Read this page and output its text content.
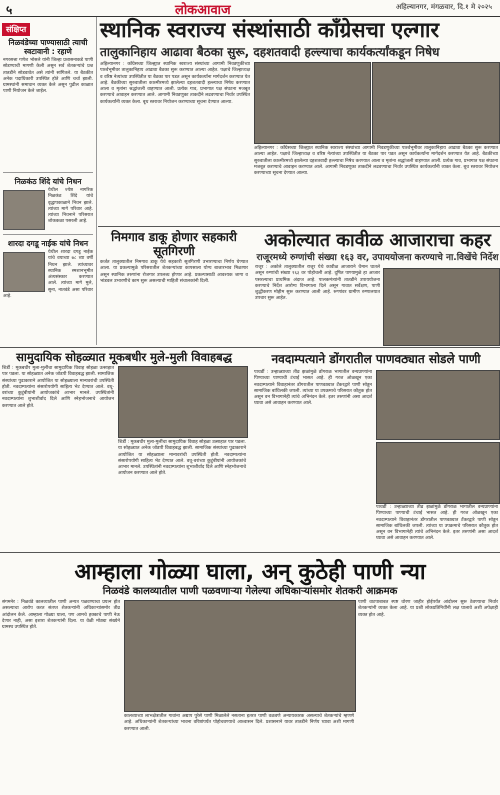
५	लोकआवाज	अहिल्यानगर, मंगळवार, दि.१ मे २०२५
संक्षिप्त
निळवंडेच्या पाण्यासाठी त्याची स्वटावानी : रहाणे
नगरसत्ता गणेश भोसले यांनी जिल्हा प्रशासनाकडे पाणी सोडण्याची मागणी केली असून सर्व शेतकऱ्यांचे प्रश्न तातडीने सोडवावेत असे त्यांनी सांगितले. या बैठकीत अनेक पदाधिकारी उपस्थित होते आणि चर्चा झाली. ग्रामस्थांनी समाधान व्यक्त केले असून पुढील काळात पाणी नियोजन केले जाईल.
निळकंठ शिंदे यांचे निधन
येथील ज्येष्ठ नागरिक निळकंठ शिंदे यांचे वृद्धापकाळाने निधन झाले. त्यांच्या मागे परिवार आहे. त्यांच्या निधनाने परिसरात शोककळा पसरली आहे.
शारदा दगडू नाईक यांचे निधन
येथील शारदा दगडू नाईक यांचे वयाच्या ७८ व्या वर्षी निधन झाले. त्यांच्यावर स्थानिक स्मशानभूमीत अंत्यसंस्कार करण्यात आले. त्यांच्या मागे मुले, सुना, नातवंडे असा परिवार आहे.
स्थानिक स्वराज्य संस्थांसाठी काँग्रेसचा एल्गार
तालुकानिहाय आढावा बैठका सुरू, दहशतवादी हल्ल्याचा कार्यकर्त्यांकडून निषेध
अहिल्यानगर : काँग्रेसच्या जिल्ह्यात स्थानिक स्वराज्य संस्थांच्या आगामी निवडणुकीच्या पार्श्वभूमीवर तालुकानिहाय आढावा बैठका सुरू करण्यात आल्या आहेत. पक्षाचे जिल्हाध्यक्ष व वरिष्ठ नेत्यांच्या उपस्थितीत या बैठका पार पडत असून कार्यकर्त्यांना मार्गदर्शन करण्यात येत आहे. बैठकीच्या सुरुवातीला काश्मीरमध्ये झालेल्या दहशतवादी हल्ल्याचा निषेध करण्यात आला व मृतांना श्रद्धांजली वाहण्यात आली. प्रत्येक गाव, प्रभागात पक्ष संघटना मजबूत करण्याचे आवाहन करण्यात आले. आगामी निवडणुका ताकदीने लढवण्याचा निर्धार उपस्थित कार्यकर्त्यांनी व्यक्त केला. बूथ स्तरावर नियोजन करण्याच्या सूचना देण्यात आल्या.
अहिल्यानगर : काँग्रेसच्या जिल्ह्यात स्थानिक स्वराज्य संस्थांच्या आगामी निवडणुकीच्या पार्श्वभूमीवर तालुकानिहाय आढावा बैठका सुरू करण्यात आल्या आहेत. पक्षाचे जिल्हाध्यक्ष व वरिष्ठ नेत्यांच्या उपस्थितीत या बैठका पार पडत असून कार्यकर्त्यांना मार्गदर्शन करण्यात येत आहे. बैठकीच्या सुरुवातीला काश्मीरमध्ये झालेल्या दहशतवादी हल्ल्याचा निषेध करण्यात आला व मृतांना श्रद्धांजली वाहण्यात आली. प्रत्येक गाव, प्रभागात पक्ष संघटना मजबूत करण्याचे आवाहन करण्यात आले. आगामी निवडणुका ताकदीने लढवण्याचा निर्धार उपस्थित कार्यकर्त्यांनी व्यक्त केला. बूथ स्तरावर नियोजन करण्याच्या सूचना देण्यात आल्या.
निमगाव डाकू होणार सहकारी सूतगिरणी
कर्जत तालुक्यातील निमगाव डाकू येथे सहकारी सूतगिरणी उभारण्याचा निर्णय घेण्यात आला. या प्रकल्पामुळे परिसरातील शेतकऱ्यांच्या कापसाला योग्य बाजारभाव मिळणार असून स्थानिक तरुणांना रोजगार उपलब्ध होणार आहे. प्रकल्पासाठी आवश्यक जागा व भांडवल उभारणीचे काम सुरू असल्याची माहिती संचालकांनी दिली.
अकोल्यात कावीळ आजाराचा कहर
राजूरमध्ये रुग्णांची संख्या १६३ वर, उपाययोजना करण्याचे ना.विखेंचे निर्देश
राजूर : अकोले तालुक्यातील राजूर येथे कावीळ आजाराने थैमान घातले असून रुग्णांची संख्या १६३ वर पोहोचली आहे. दूषित पाण्यामुळे हा आजार पसरल्याचा प्राथमिक अंदाज आहे. पालकमंत्र्यांनी तातडीने उपाययोजना करण्याचे निर्देश आरोग्य विभागाला दिले असून गावात सर्वेक्षण, पाणी शुद्धीकरण मोहीम सुरू करण्यात आली आहे. रुग्णांवर ग्रामीण रुग्णालयात उपचार सुरू आहेत.
सामुदायिक सोहळ्यात मूकबधीर मुले-मुली विवाहबद्ध
शिर्डी : मूकबधीर मुला-मुलींचा सामुदायिक विवाह सोहळा उत्साहात पार पडला. या सोहळ्यात अनेक जोडपी विवाहबद्ध झाली. सामाजिक संस्थांच्या पुढाकाराने आयोजित या सोहळ्याला मान्यवरांची उपस्थिती होती. नवदाम्पत्यांना संसारोपयोगी साहित्य भेट देण्यात आले. वधू-वरांच्या कुटुंबीयांनी आयोजकांचे आभार मानले. उपस्थितांनी नवदाम्पत्यांना शुभाशीर्वाद दिले आणि स्नेहभोजनाचे आयोजन करण्यात आले होते.
शिर्डी : मूकबधीर मुला-मुलींचा सामुदायिक विवाह सोहळा उत्साहात पार पडला. या सोहळ्यात अनेक जोडपी विवाहबद्ध झाली. सामाजिक संस्थांच्या पुढाकाराने आयोजित या सोहळ्याला मान्यवरांची उपस्थिती होती. नवदाम्पत्यांना संसारोपयोगी साहित्य भेट देण्यात आले. वधू-वरांच्या कुटुंबीयांनी आयोजकांचे आभार मानले. उपस्थितांनी नवदाम्पत्यांना शुभाशीर्वाद दिले आणि स्नेहभोजनाचे आयोजन करण्यात आले होते.
नवदाम्पत्याने डोंगरातील पाणवठ्यात सोडले पाणी
पाथर्डी : उन्हाळ्याच्या तीव्र झळांमुळे डोंगराळ भागातील वन्यप्राण्यांना पिण्याच्या पाण्याची टंचाई भासत आहे. ही गरज ओळखून एका नवदाम्पत्याने विवाहानंतर डोंगरातील पाणवठ्यात टँकरद्वारे पाणी सोडून सामाजिक बांधिलकी जपली. त्यांच्या या उपक्रमाचे परिसरात कौतुक होत असून वन विभागानेही त्यांचे अभिनंदन केले. इतर तरुणांनी असा आदर्श घ्यावा असे आवाहन करण्यात आले.
पाथर्डी : उन्हाळ्याच्या तीव्र झळांमुळे डोंगराळ भागातील वन्यप्राण्यांना पिण्याच्या पाण्याची टंचाई भासत आहे. ही गरज ओळखून एका नवदाम्पत्याने विवाहानंतर डोंगरातील पाणवठ्यात टँकरद्वारे पाणी सोडून सामाजिक बांधिलकी जपली. त्यांच्या या उपक्रमाचे परिसरात कौतुक होत असून वन विभागानेही त्यांचे अभिनंदन केले. इतर तरुणांनी असा आदर्श घ्यावा असे आवाहन करण्यात आले.
आम्हाला गोळ्या घाला, अन् कुठेही पाणी न्या
निळवंडे कालव्यातील पाणी पळवणाऱ्या गेलेल्या अधिकाऱ्यांसमोर शेतकरी आक्रमक
संगमनेर : निळवंडे कालव्यातील पाणी अन्यत्र पळवण्याचा प्रयत्न होत असल्याचा आरोप करत संतप्त शेतकऱ्यांनी अधिकाऱ्यांसमोर तीव्र आंदोलन केले. आम्हाला गोळ्या घाला, पण आमचे हक्काचे पाणी नेऊ देणार नाही, असा इशारा शेतकऱ्यांनी दिला. या वेळी मोठ्या संख्येने ग्रामस्थ उपस्थित होते.
कालव्याच्या लाभक्षेत्रातील गावांना अद्याप पुरेसे पाणी मिळालेले नसताना इतरत्र पाणी वळवणे अन्यायकारक असल्याचे शेतकऱ्यांचे म्हणणे आहे. अधिकाऱ्यांनी शेतकऱ्यांच्या भावना वरिष्ठांपर्यंत पोहोचवण्याचे आश्वासन दिले. प्रशासनाने यावर तातडीने निर्णय घ्यावा अशी मागणी करण्यात आली.
पाणी वाटपाबाबत स्पष्ट धोरण जाहीर होईपर्यंत आंदोलन सुरू ठेवण्याचा निर्धार शेतकऱ्यांनी व्यक्त केला आहे. या प्रश्नी लोकप्रतिनिधींनी लक्ष घालावे अशी अपेक्षाही व्यक्त होत आहे.
